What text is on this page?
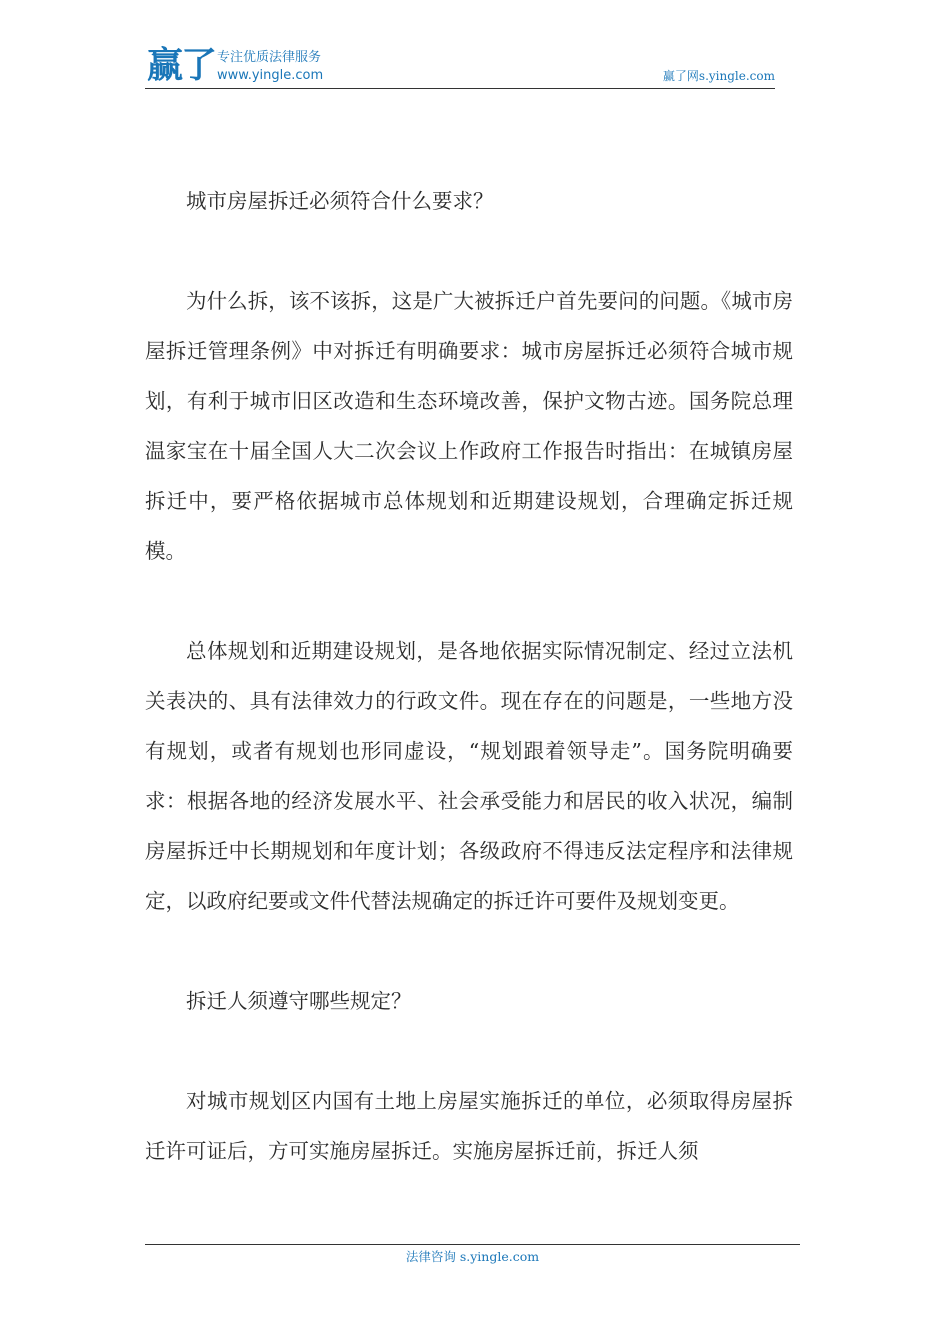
赢了 专注优质法律服务
www.yingle.com	赢了网s.yingle.com

城市房屋拆迁必须符合什么要求？

为什么拆，该不该拆，这是广大被拆迁户首先要问的问题。《城市房屋拆迁管理条例》中对拆迁有明确要求：城市房屋拆迁必须符合城市规划，有利于城市旧区改造和生态环境改善，保护文物古迹。国务院总理温家宝在十届全国人大二次会议上作政府工作报告时指出：在城镇房屋拆迁中，要严格依据城市总体规划和近期建设规划，合理确定拆迁规模。

总体规划和近期建设规划，是各地依据实际情况制定、经过立法机关表决的、具有法律效力的行政文件。现在存在的问题是，一些地方没有规划，或者有规划也形同虚设，“规划跟着领导走”。国务院明确要求：根据各地的经济发展水平、社会承受能力和居民的收入状况，编制房屋拆迁中长期规划和年度计划；各级政府不得违反法定程序和法律规定，以政府纪要或文件代替法规确定的拆迁许可要件及规划变更。

拆迁人须遵守哪些规定？

对城市规划区内国有土地上房屋实施拆迁的单位，必须取得房屋拆迁许可证后，方可实施房屋拆迁。实施房屋拆迁前，拆迁人须

法律咨询 s.yingle.com
